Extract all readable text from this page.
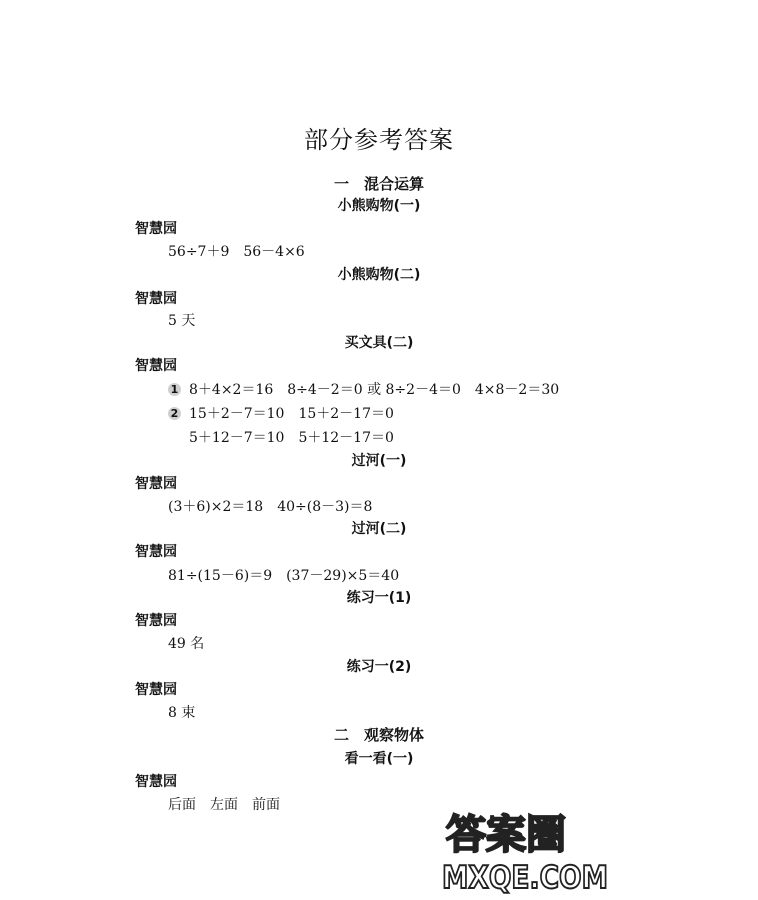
部分参考答案
一　混合运算
小熊购物(一)
智慧园
56÷7＋9　56－4×6
小熊购物(二)
智慧园
5 天
买文具(二)
智慧园
1 8＋4×2＝16　8÷4－2＝0 或 8÷2－4＝0　4×8－2＝30
2 15＋2－7＝10　15＋2－17＝0
5＋12－7＝10　5＋12－17＝0
过河(一)
智慧园
(3＋6)×2＝18　40÷(8－3)＝8
过河(二)
智慧园
81÷(15－6)＝9　(37－29)×5＝40
练习一(1)
智慧园
49 名
练习一(2)
智慧园
8 束
二　观察物体
看一看(一)
智慧园
后面　左面　前面
答案圈
MXQE.COM
